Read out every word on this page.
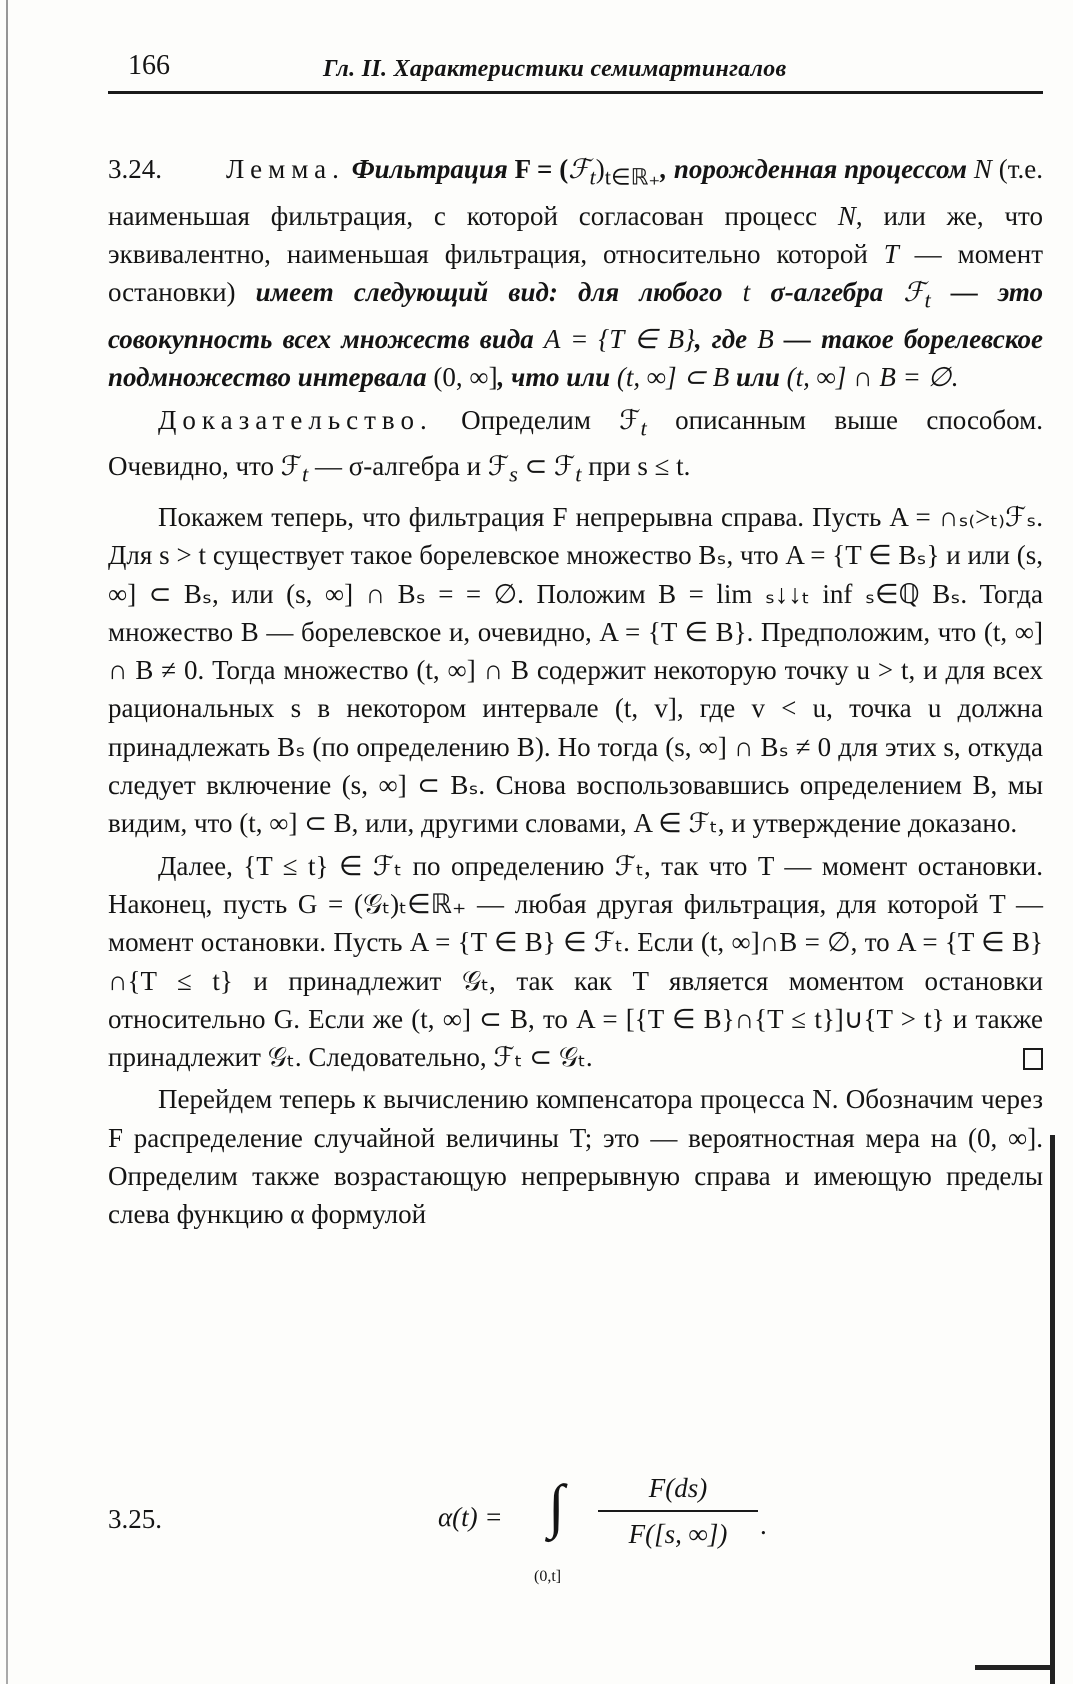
166	Гл. II. Характеристики семимартингалов

3.24. Лемма. Фильтрация $F = (ℱ_t)_{t\in ℝ_+}$, порожденная процессом N (т.е. наименьшая фильтрация, с которой согласован процесс N, или же, что эквивалентно, наименьшая фильтрация, относительно которой T — момент остановки) имеет следующий вид: для любого t σ-алгебра ℱ$_t$ — это совокупность всех множеств вида A = {T ∈ B}, где B — такое борелевское подмножество интервала (0, ∞], что или (t, ∞] ⊂ B или (t, ∞] ∩ B = ∅.

Доказательство. Определим ℱ$_t$ описанным выше способом. Очевидно, что ℱ$_t$ — σ-алгебра и ℱ$_s$ ⊂ ℱ$_t$ при s ≤ t.

Покажем теперь, что фильтрация F непрерывна справа. Пусть A = ∩ₛ₍>ₜ₎ℱₛ. Для s > t существует такое борелевское множество Bₛ, что A = {T ∈ Bₛ} и или (s, ∞] ⊂ Bₛ, или (s, ∞] ∩ Bₛ = = ∅. Положим B = lim ₛ↓↓ₜ inf ₛ∈ℚ Bₛ. Тогда множество B — борелевское и, очевидно, A = {T ∈ B}. Предположим, что (t, ∞] ∩ B ≠ 0. Тогда множество (t, ∞] ∩ B содержит некоторую точку u > t, и для всех рациональных s в некотором интервале (t, v], где v < u, точка u должна принадлежать Bₛ (по определению B). Но тогда (s, ∞] ∩ Bₛ ≠ 0 для этих s, откуда следует включение (s, ∞] ⊂ Bₛ. Снова воспользовавшись определением B, мы видим, что (t, ∞] ⊂ B, или, другими словами, A ∈ ℱₜ, и утверждение доказано.

Далее, {T ≤ t} ∈ ℱₜ по определению ℱₜ, так что T — момент остановки. Наконец, пусть G = (𝒢ₜ)ₜ∈ℝ₊ — любая другая фильтрация, для которой T — момент остановки. Пусть A = {T ∈ B} ∈ ℱₜ. Если (t, ∞]∩B = ∅, то A = {T ∈ B}∩{T ≤ t} и принадлежит 𝒢ₜ, так как T является моментом остановки относительно G. Если же (t, ∞] ⊂ B, то A = [{T ∈ B}∩{T ≤ t}]∪{T > t} и также принадлежит 𝒢ₜ. Следовательно, ℱₜ ⊂ 𝒢ₜ.

Перейдем теперь к вычислению компенсатора процесса N. Обозначим через F распределение случайной величины T; это — вероятностная мера на (0, ∞]. Определим также возрастающую непрерывную справа и имеющую пределы слева функцию α формулой

3.25.	α(t) = ∫
(0,t]
F(ds)
F([s, ∞])	.
